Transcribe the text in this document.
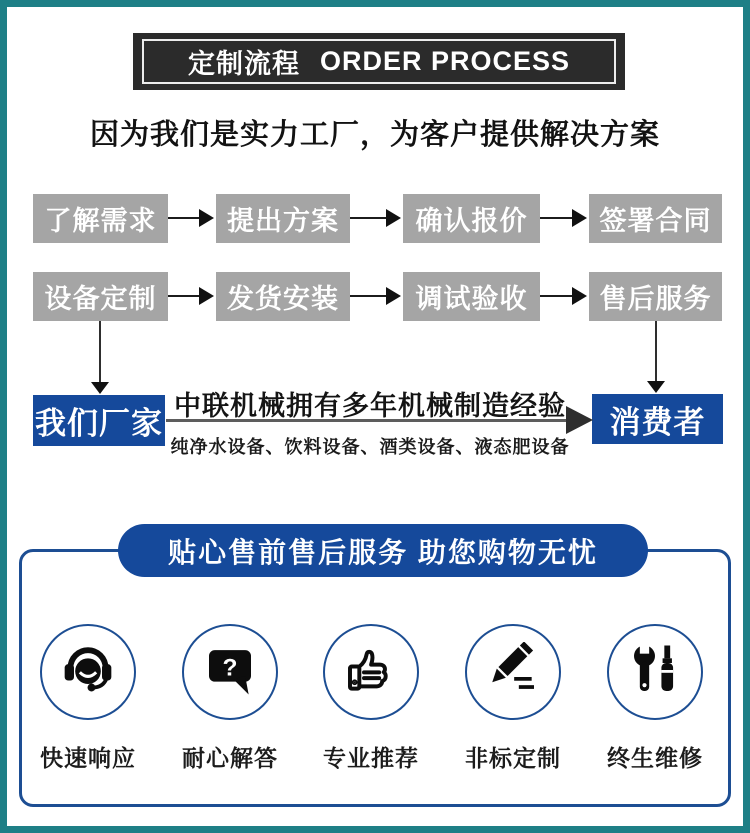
定制流程 ORDER PROCESS
因为我们是实力工厂，为客户提供解决方案
了解需求	提出方案	确认报价	签署合同
设备定制	发货安装	调试验收	售后服务
我们厂家	消费者
中联机械拥有多年机械制造经验
纯净水设备、饮料设备、酒类设备、液态肥设备
贴心售前售后服务 助您购物无忧
快速响应
?
耐心解答	专业推荐	非标定制	终生维修
